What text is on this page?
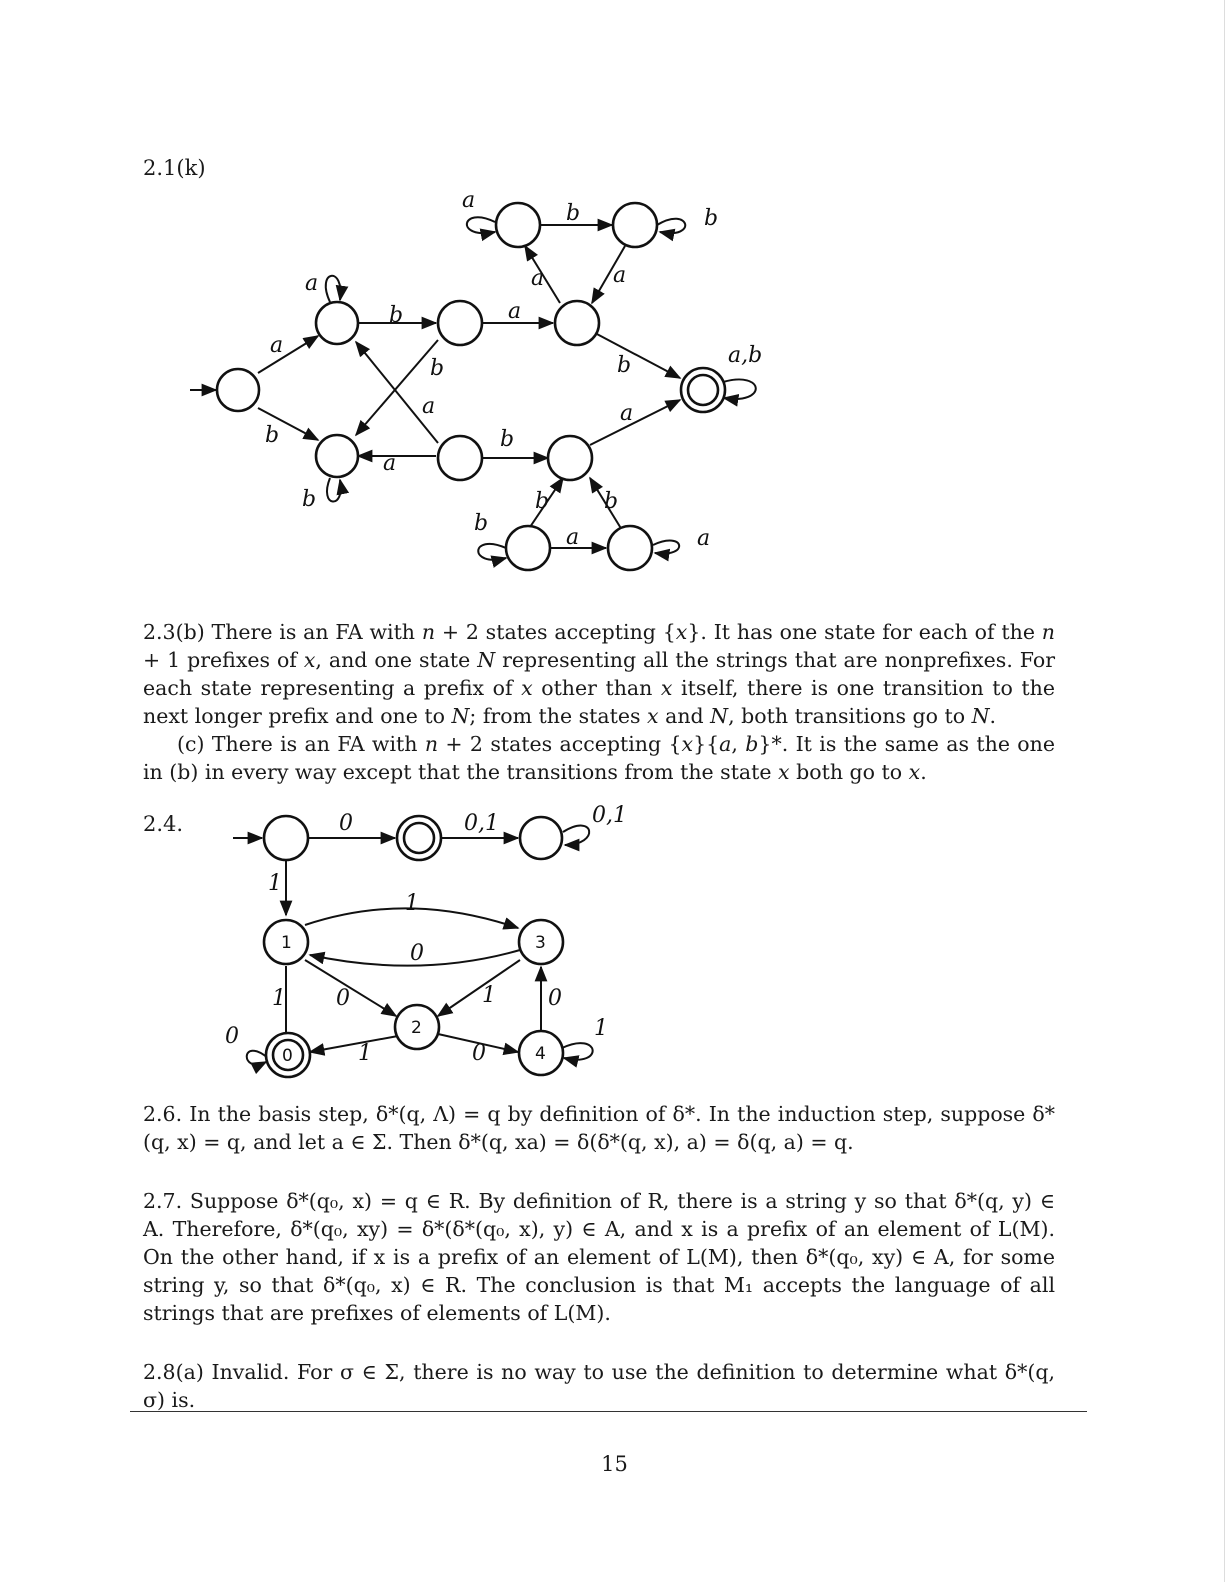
2.1(k)
a
b	b
a	a
a
b	a
a
b	b	a,b
a	a
b	b
a
b	b b
b
a	a
1	3
2
0	4
0	0,1	0,1
1
1
0
1 0	1 0
1
0
1	0
2.3(b) There is an FA with n + 2 states accepting {x}. It has one state for each of the n + 1 prefixes of x, and one state N representing all the strings that are nonprefixes. For each state representing a prefix of x other than x itself, there is one transition to the next longer prefix and one to N; from the states x and N, both transitions go to N.
(c) There is an FA with n + 2 states accepting {x}{a, b}*. It is the same as the one in (b) in every way except that the transitions from the state x both go to x.
2.4.
2.6. In the basis step, δ*(q, Λ) = q by definition of δ*. In the induction step, suppose δ*(q, x) = q, and let a ∈ Σ. Then δ*(q, xa) = δ(δ*(q, x), a) = δ(q, a) = q.
2.7. Suppose δ*(q₀, x) = q ∈ R. By definition of R, there is a string y so that δ*(q, y) ∈ A. Therefore, δ*(q₀, xy) = δ*(δ*(q₀, x), y) ∈ A, and x is a prefix of an element of L(M). On the other hand, if x is a prefix of an element of L(M), then δ*(q₀, xy) ∈ A, for some string y, so that δ*(q₀, x) ∈ R. The conclusion is that M₁ accepts the language of all strings that are prefixes of elements of L(M).
2.8(a) Invalid. For σ ∈ Σ, there is no way to use the definition to determine what δ*(q, σ) is.
15
